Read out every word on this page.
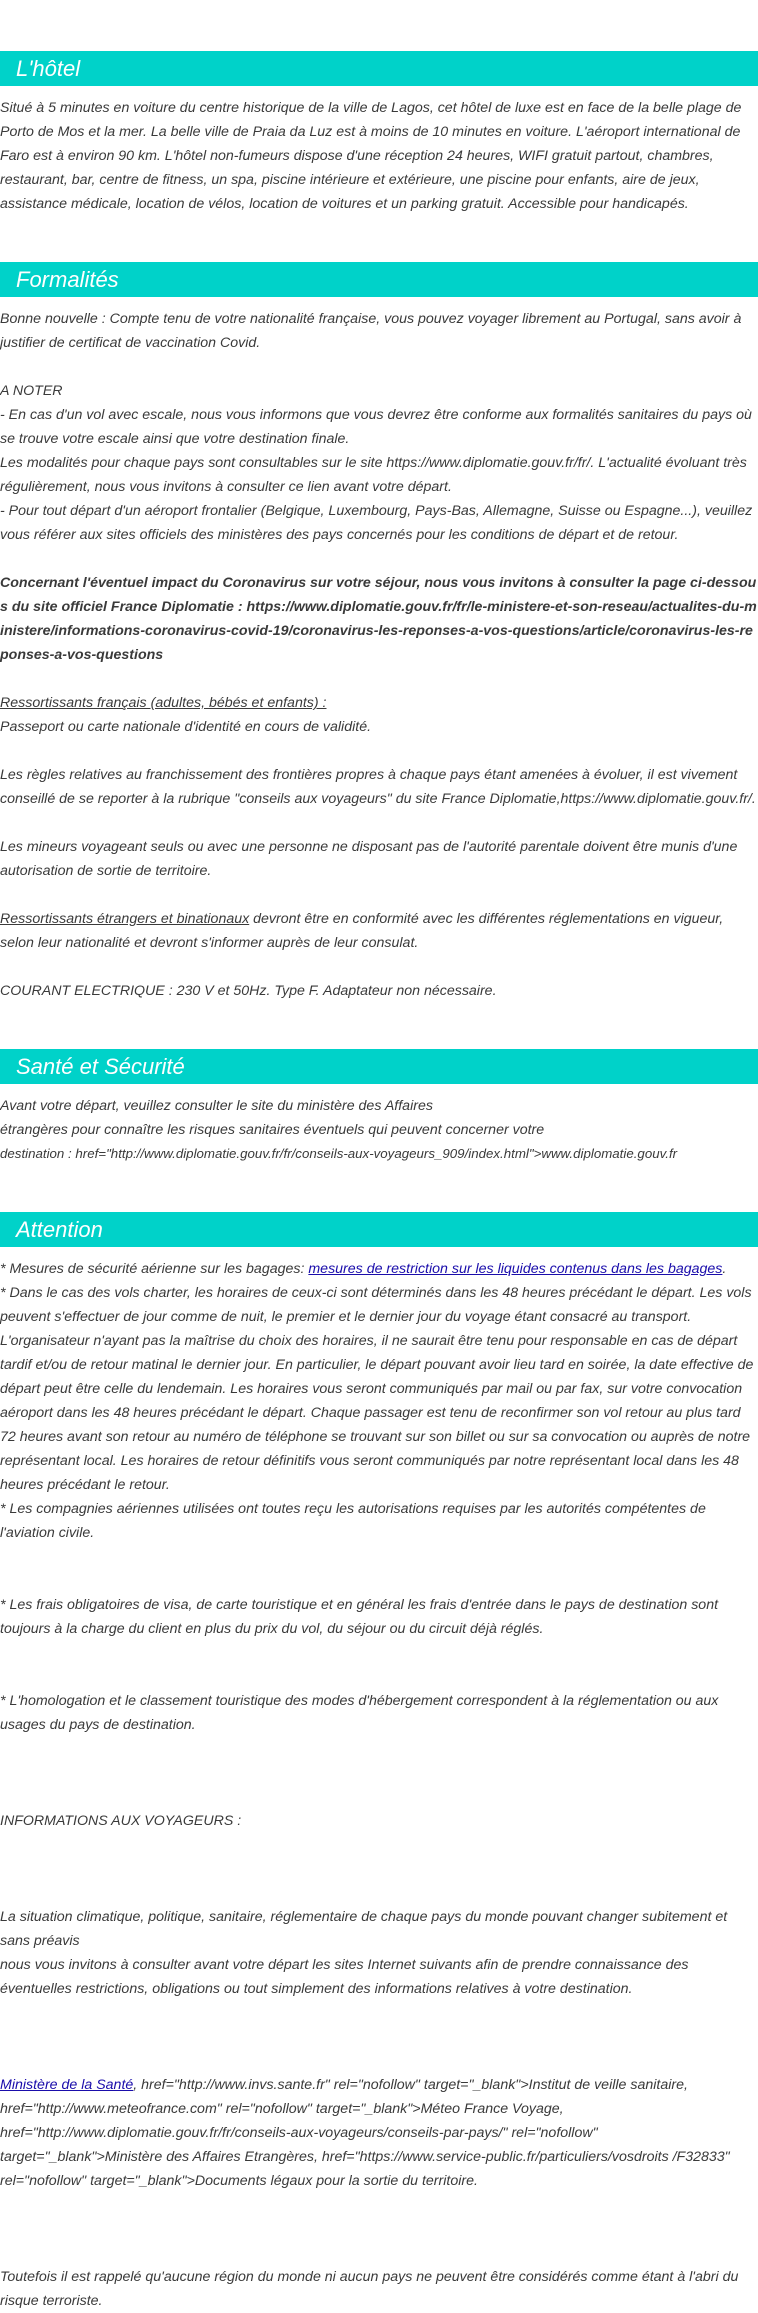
L'hôtel

Situé à 5 minutes en voiture du centre historique de la ville de Lagos, cet hôtel de luxe est en face de la belle plage de Porto de Mos et la mer. La belle ville de Praia da Luz est à moins de 10 minutes en voiture. L'aéroport international de Faro est à environ 90 km. L'hôtel non-fumeurs dispose d'une réception 24 heures, WIFI gratuit partout, chambres, restaurant, bar, centre de fitness, un spa, piscine intérieure et extérieure, une piscine pour enfants, aire de jeux, assistance médicale, location de vélos, location de voitures et un parking gratuit. Accessible pour handicapés.

Formalités

Bonne nouvelle : Compte tenu de votre nationalité française, vous pouvez voyager librement au Portugal, sans avoir à justifier de certificat de vaccination Covid.

A NOTER

- En cas d'un vol avec escale, nous vous informons que vous devrez être conforme aux formalités sanitaires du pays où se trouve votre escale ainsi que votre destination finale.

Les modalités pour chaque pays sont consultables sur le site https://www.diplomatie.gouv.fr/fr/. L'actualité évoluant très régulièrement, nous vous invitons à consulter ce lien avant votre départ.

- Pour tout départ d'un aéroport frontalier (Belgique, Luxembourg, Pays-Bas, Allemagne, Suisse ou Espagne...), veuillez vous référer aux sites officiels des ministères des pays concernés pour les conditions de départ et de retour.

Concernant l'éventuel impact du Coronavirus sur votre séjour, nous vous invitons à consulter la page ci-dessous du site officiel France Diplomatie : https://www.diplomatie.gouv.fr/fr/le-ministere-et-son-reseau/actualites-du-ministere/informations-coronavirus-covid-19/coronavirus-les-reponses-a-vos-questions/article/coronavirus-les-reponses-a-vos-questions

Ressortissants français (adultes, bébés et enfants) :

Passeport ou carte nationale d'identité en cours de validité.

Les règles relatives au franchissement des frontières propres à chaque pays étant amenées à évoluer, il est vivement conseillé de se reporter à la rubrique "conseils aux voyageurs" du site France Diplomatie,https://www.diplomatie.gouv.fr/.

Les mineurs voyageant seuls ou avec une personne ne disposant pas de l'autorité parentale doivent être munis d'une autorisation de sortie de territoire.

Ressortissants étrangers et binationaux devront être en conformité avec les différentes réglementations en vigueur, selon leur nationalité et devront s'informer auprès de leur consulat.

COURANT ELECTRIQUE : 230 V et 50Hz. Type F. Adaptateur non nécessaire.

Santé et Sécurité

Avant votre départ, veuillez consulter le site du ministère des Affaires

étrangères pour connaître les risques sanitaires éventuels qui peuvent concerner votre

destination : href="http://www.diplomatie.gouv.fr/fr/conseils-aux-voyageurs_909/index.html">www.diplomatie.gouv.fr

Attention

* Mesures de sécurité aérienne sur les bagages: mesures de restriction sur les liquides contenus dans les bagages.

* Dans le cas des vols charter, les horaires de ceux-ci sont déterminés dans les 48 heures précédant le départ. Les vols peuvent s'effectuer de jour comme de nuit, le premier et le dernier jour du voyage étant consacré au transport. L'organisateur n'ayant pas la maîtrise du choix des horaires, il ne saurait être tenu pour responsable en cas de départ tardif et/ou de retour matinal le dernier jour. En particulier, le départ pouvant avoir lieu tard en soirée, la date effective de départ peut être celle du lendemain. Les horaires vous seront communiqués par mail ou par fax, sur votre convocation aéroport dans les 48 heures précédant le départ. Chaque passager est tenu de reconfirmer son vol retour au plus tard 72 heures avant son retour au numéro de téléphone se trouvant sur son billet ou sur sa convocation ou auprès de notre représentant local. Les horaires de retour définitifs vous seront communiqués par notre représentant local dans les 48 heures précédant le retour.

* Les compagnies aériennes utilisées ont toutes reçu les autorisations requises par les autorités compétentes de l'aviation civile.

* Les frais obligatoires de visa, de carte touristique et en général les frais d'entrée dans le pays de destination sont toujours à la charge du client en plus du prix du vol, du séjour ou du circuit déjà réglés.

* L'homologation et le classement touristique des modes d'hébergement correspondent à la réglementation ou aux usages du pays de destination.

INFORMATIONS AUX VOYAGEURS :

La situation climatique, politique, sanitaire, réglementaire de chaque pays du monde pouvant changer subitement et sans préavis

nous vous invitons à consulter avant votre départ les sites Internet suivants afin de prendre connaissance des éventuelles restrictions, obligations ou tout simplement des informations relatives à votre destination.

Ministère de la Santé, href="http://www.invs.sante.fr" rel="nofollow" target="_blank">Institut de veille sanitaire, href="http://www.meteofrance.com" rel="nofollow" target="_blank">Méteo France Voyage, href="http://www.diplomatie.gouv.fr/fr/conseils-aux-voyageurs/conseils-par-pays/" rel="nofollow" target="_blank">Ministère des Affaires Etrangères, href="https://www.service-public.fr/particuliers/vosdroits /F32833" rel="nofollow" target="_blank">Documents légaux pour la sortie du territoire.

Toutefois il est rappelé qu'aucune région du monde ni aucun pays ne peuvent être considérés comme étant à l'abri du risque terroriste.
